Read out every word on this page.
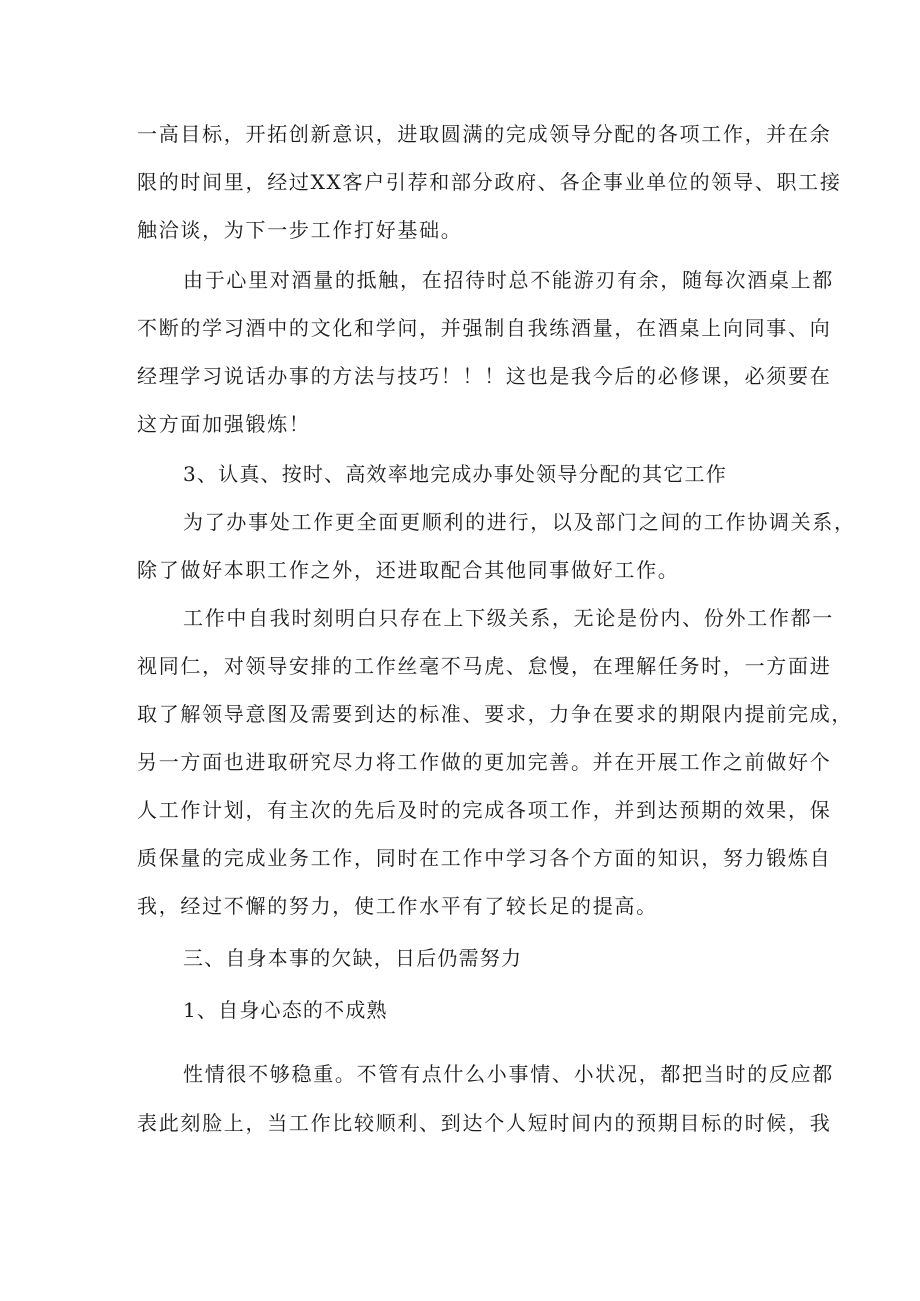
一高目标，开拓创新意识，进取圆满的完成领导分配的各项工作，并在余
限的时间里，经过XX客户引荐和部分政府、各企事业单位的领导、职工接
触洽谈，为下一步工作打好基础。
由于心里对酒量的抵触，在招待时总不能游刃有余，随每次酒桌上都
不断的学习酒中的文化和学问，并强制自我练酒量，在酒桌上向同事、向
经理学习说话办事的方法与技巧！！！这也是我今后的必修课，必须要在
这方面加强锻炼！
3、认真、按时、高效率地完成办事处领导分配的其它工作
为了办事处工作更全面更顺利的进行，以及部门之间的工作协调关系，
除了做好本职工作之外，还进取配合其他同事做好工作。
工作中自我时刻明白只存在上下级关系，无论是份内、份外工作都一
视同仁，对领导安排的工作丝毫不马虎、怠慢，在理解任务时，一方面进
取了解领导意图及需要到达的标准、要求，力争在要求的期限内提前完成，
另一方面也进取研究尽力将工作做的更加完善。并在开展工作之前做好个
人工作计划，有主次的先后及时的完成各项工作，并到达预期的效果，保
质保量的完成业务工作，同时在工作中学习各个方面的知识，努力锻炼自
我，经过不懈的努力，使工作水平有了较长足的提高。
三、自身本事的欠缺，日后仍需努力
1、自身心态的不成熟
性情很不够稳重。不管有点什么小事情、小状况，都把当时的反应都
表此刻脸上，当工作比较顺利、到达个人短时间内的预期目标的时候，我
